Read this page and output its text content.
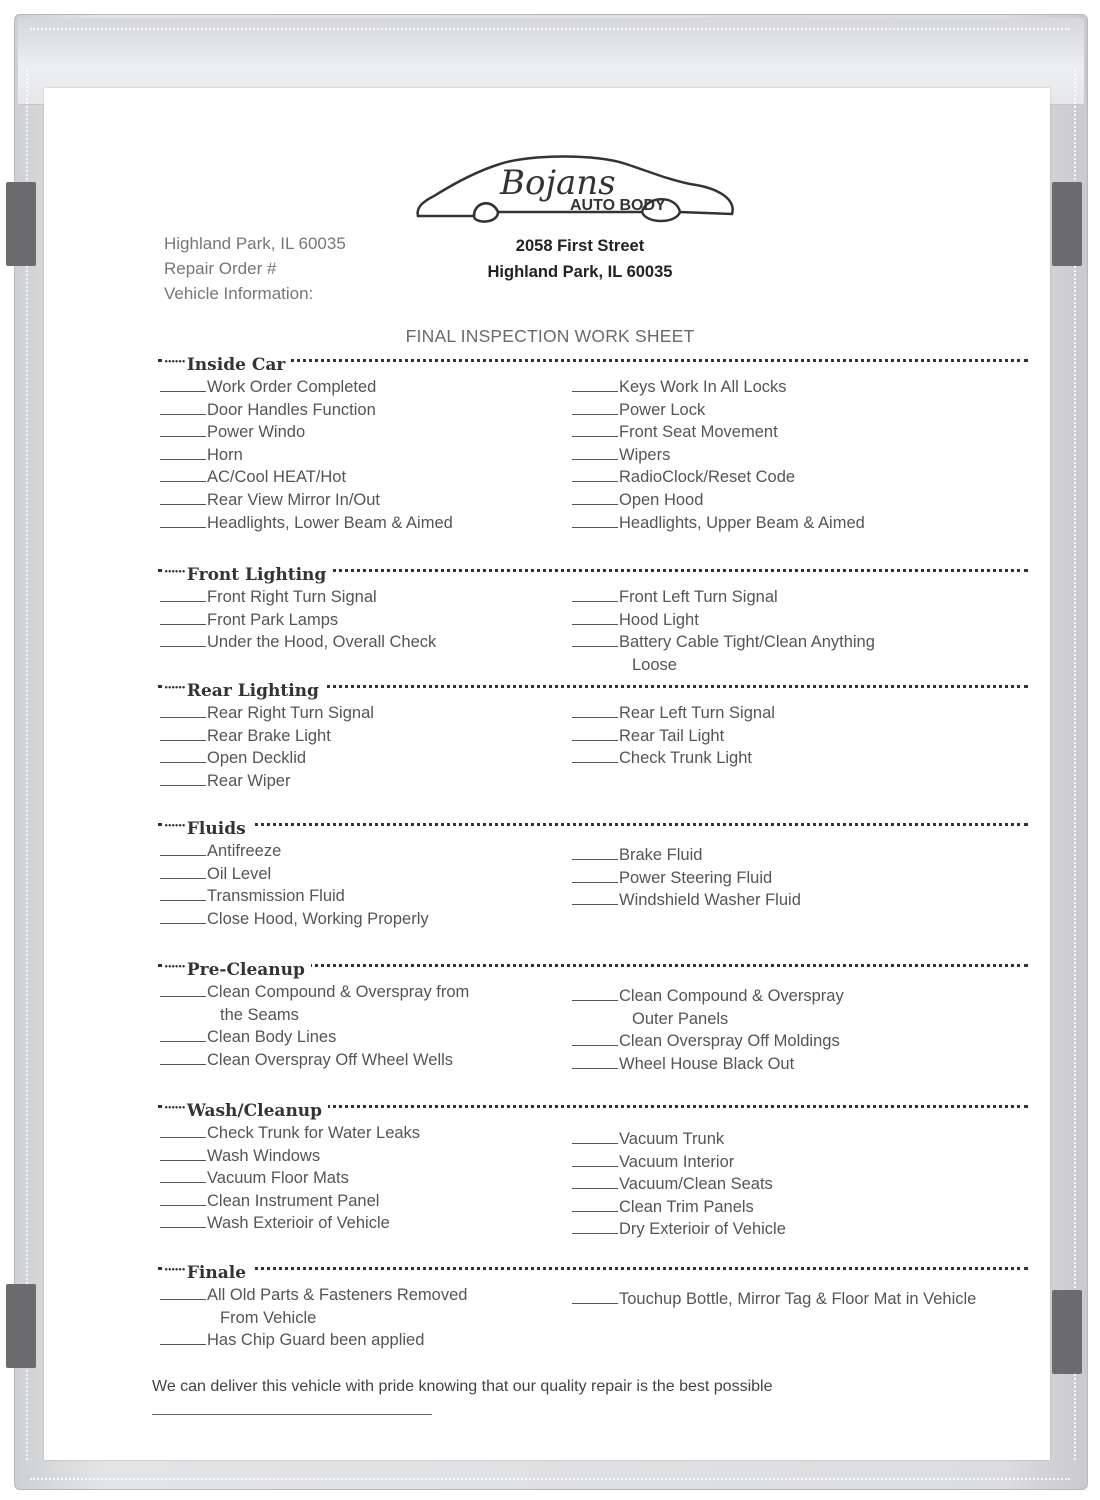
Bojans
AUTO BODY
Highland Park, IL 60035
Repair Order #
Vehicle Information:
2058 First Street
Highland Park, IL 60035
FINAL INSPECTION WORK SHEET
•••••• Inside Car
Work Order Completed
Door Handles Function
Power Windo
Horn
AC/Cool HEAT/Hot
Rear View Mirror In/Out
Headlights, Lower Beam & Aimed
Keys Work In All Locks
Power Lock
Front Seat Movement
Wipers
RadioClock/Reset Code
Open Hood
Headlights, Upper Beam & Aimed
•••••• Front Lighting
Front Right Turn Signal
Front Park Lamps
Under the Hood, Overall Check
Front Left Turn Signal
Hood Light
Battery Cable Tight/Clean Anything
Loose
•••••• Rear Lighting
Rear Right Turn Signal
Rear Brake Light
Open Decklid
Rear Wiper
Rear Left Turn Signal
Rear Tail Light
Check Trunk Light
•••••• Fluids
Antifreeze
Oil Level
Transmission Fluid
Close Hood, Working Properly
Brake Fluid
Power Steering Fluid
Windshield Washer Fluid
•••••• Pre-Cleanup
Clean Compound & Overspray from
the Seams
Clean Body Lines
Clean Overspray Off Wheel Wells
Clean Compound & Overspray
Outer Panels
Clean Overspray Off Moldings
Wheel House Black Out
•••••• Wash/Cleanup
Check Trunk for Water Leaks
Wash Windows
Vacuum Floor Mats
Clean Instrument Panel
Wash Exterioir of Vehicle
Vacuum Trunk
Vacuum Interior
Vacuum/Clean Seats
Clean Trim Panels
Dry Exterioir of Vehicle
•••••• Finale
All Old Parts & Fasteners Removed
From Vehicle
Has Chip Guard been applied
Touchup Bottle, Mirror Tag & Floor Mat in Vehicle
We can deliver this vehicle with pride knowing that our quality repair is the best possible
